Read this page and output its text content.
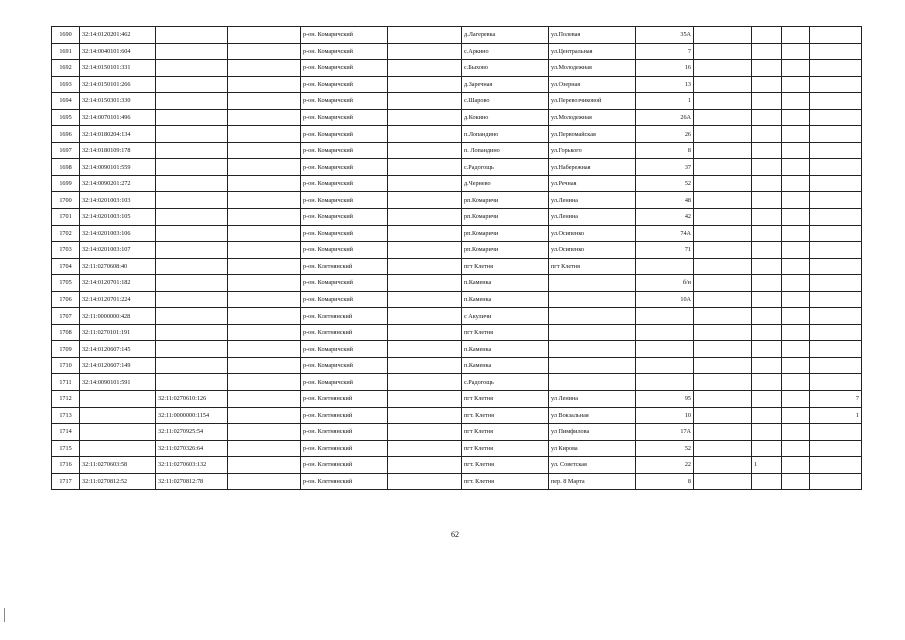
1690	32:14:0120201:462			р-он. Комаричский		д.Лагеревка	ул.Полевая	35А				
1691	32:14:0040101:604			р-он. Комаричский		с.Аркино	ул.Центральная	7				
1692	32:14:0150101:331			р-он. Комаричский		с.Быхово	ул.Молодежная	16				
1693	32:14:0150101:266			р-он. Комаричский		д.Заречная	ул.Озерная	13				
1694	32:14:0150301:330			р-он. Комаричский		с.Шарово	ул.Перевозчиковой	1				
1695	32:14:0070101:496			р-он. Комаричский		д.Кокино	ул.Молодежная	26А				
1696	32:14:0180204:134			р-он. Комаричский		п.Лопандино	ул.Первомайская	26				
1697	32:14:0180109:178			р-он. Комаричский		п. Лопандино	ул.Горького	8				
1698	32:14:0090101:559			р-он. Комаричский		с.Радогощь	ул.Набережная	37				
1699	32:14:0090201:272			р-он. Комаричский		д.Чернево	ул.Речная	52				
1700	32:14:0201003:103			р-он. Комаричский		рп.Комаричи	ул.Ленина	48				
1701	32:14:0201003:105			р-он. Комаричский		рп.Комаричи	ул.Ленина	42				
1702	32:14:0201003:106			р-он. Комаричский		рп.Комаричи	ул.Осипенко	74А				
1703	32:14:0201003:107			р-он. Комаричский		рп.Комаричи	ул.Осипенко	71				
1704	32:11:0270608:40			р-он. Клетнянский		пгт Клетня	пгт Клетня					
1705	32:14:0120701:182			р-он. Комаричский		п.Каменка		б/н				
1706	32:14:0120701:224			р-он. Комаричский		п.Каменка		10А				
1707	32:11:0000000:428			р-он. Клетнянский		с Акуличи						
1708	32:11:0270101:191			р-он. Клетнянский		пгт Клетня						
1709	32:14:0120607:145			р-он. Комаричский		п.Каменка						
1710	32:14:0120607:149			р-он. Комаричский		п.Каменка						
1711	32:14:0090101:591			р-он. Комаричский		с.Радогощь						
1712		32:11:0270610:126		р-он. Клетнянский		пгт Клетня	ул Ленина	95				7
1713		32:11:0000000:1154		р-он. Клетнянский		пгт. Клетня	ул Вокзальная	10				1
1714		32:11:0270925:54		р-он. Клетнянский		пгт Клетня	ул Пимфилова	17А				
1715		32:11:0270326:64		р-он. Клетнянский		пгт Клетня	ул Кирова	52				
1716	32:11:0270603:58	32:11:0270603:132		р-он. Клетнянский		пгт. Клетня	ул. Советская	22		1		
1717	32:11:0270812:52	32:11:0270812:78		р-он. Клетнянский		пгт. Клетня	пер. 8 Марта	8				
62
